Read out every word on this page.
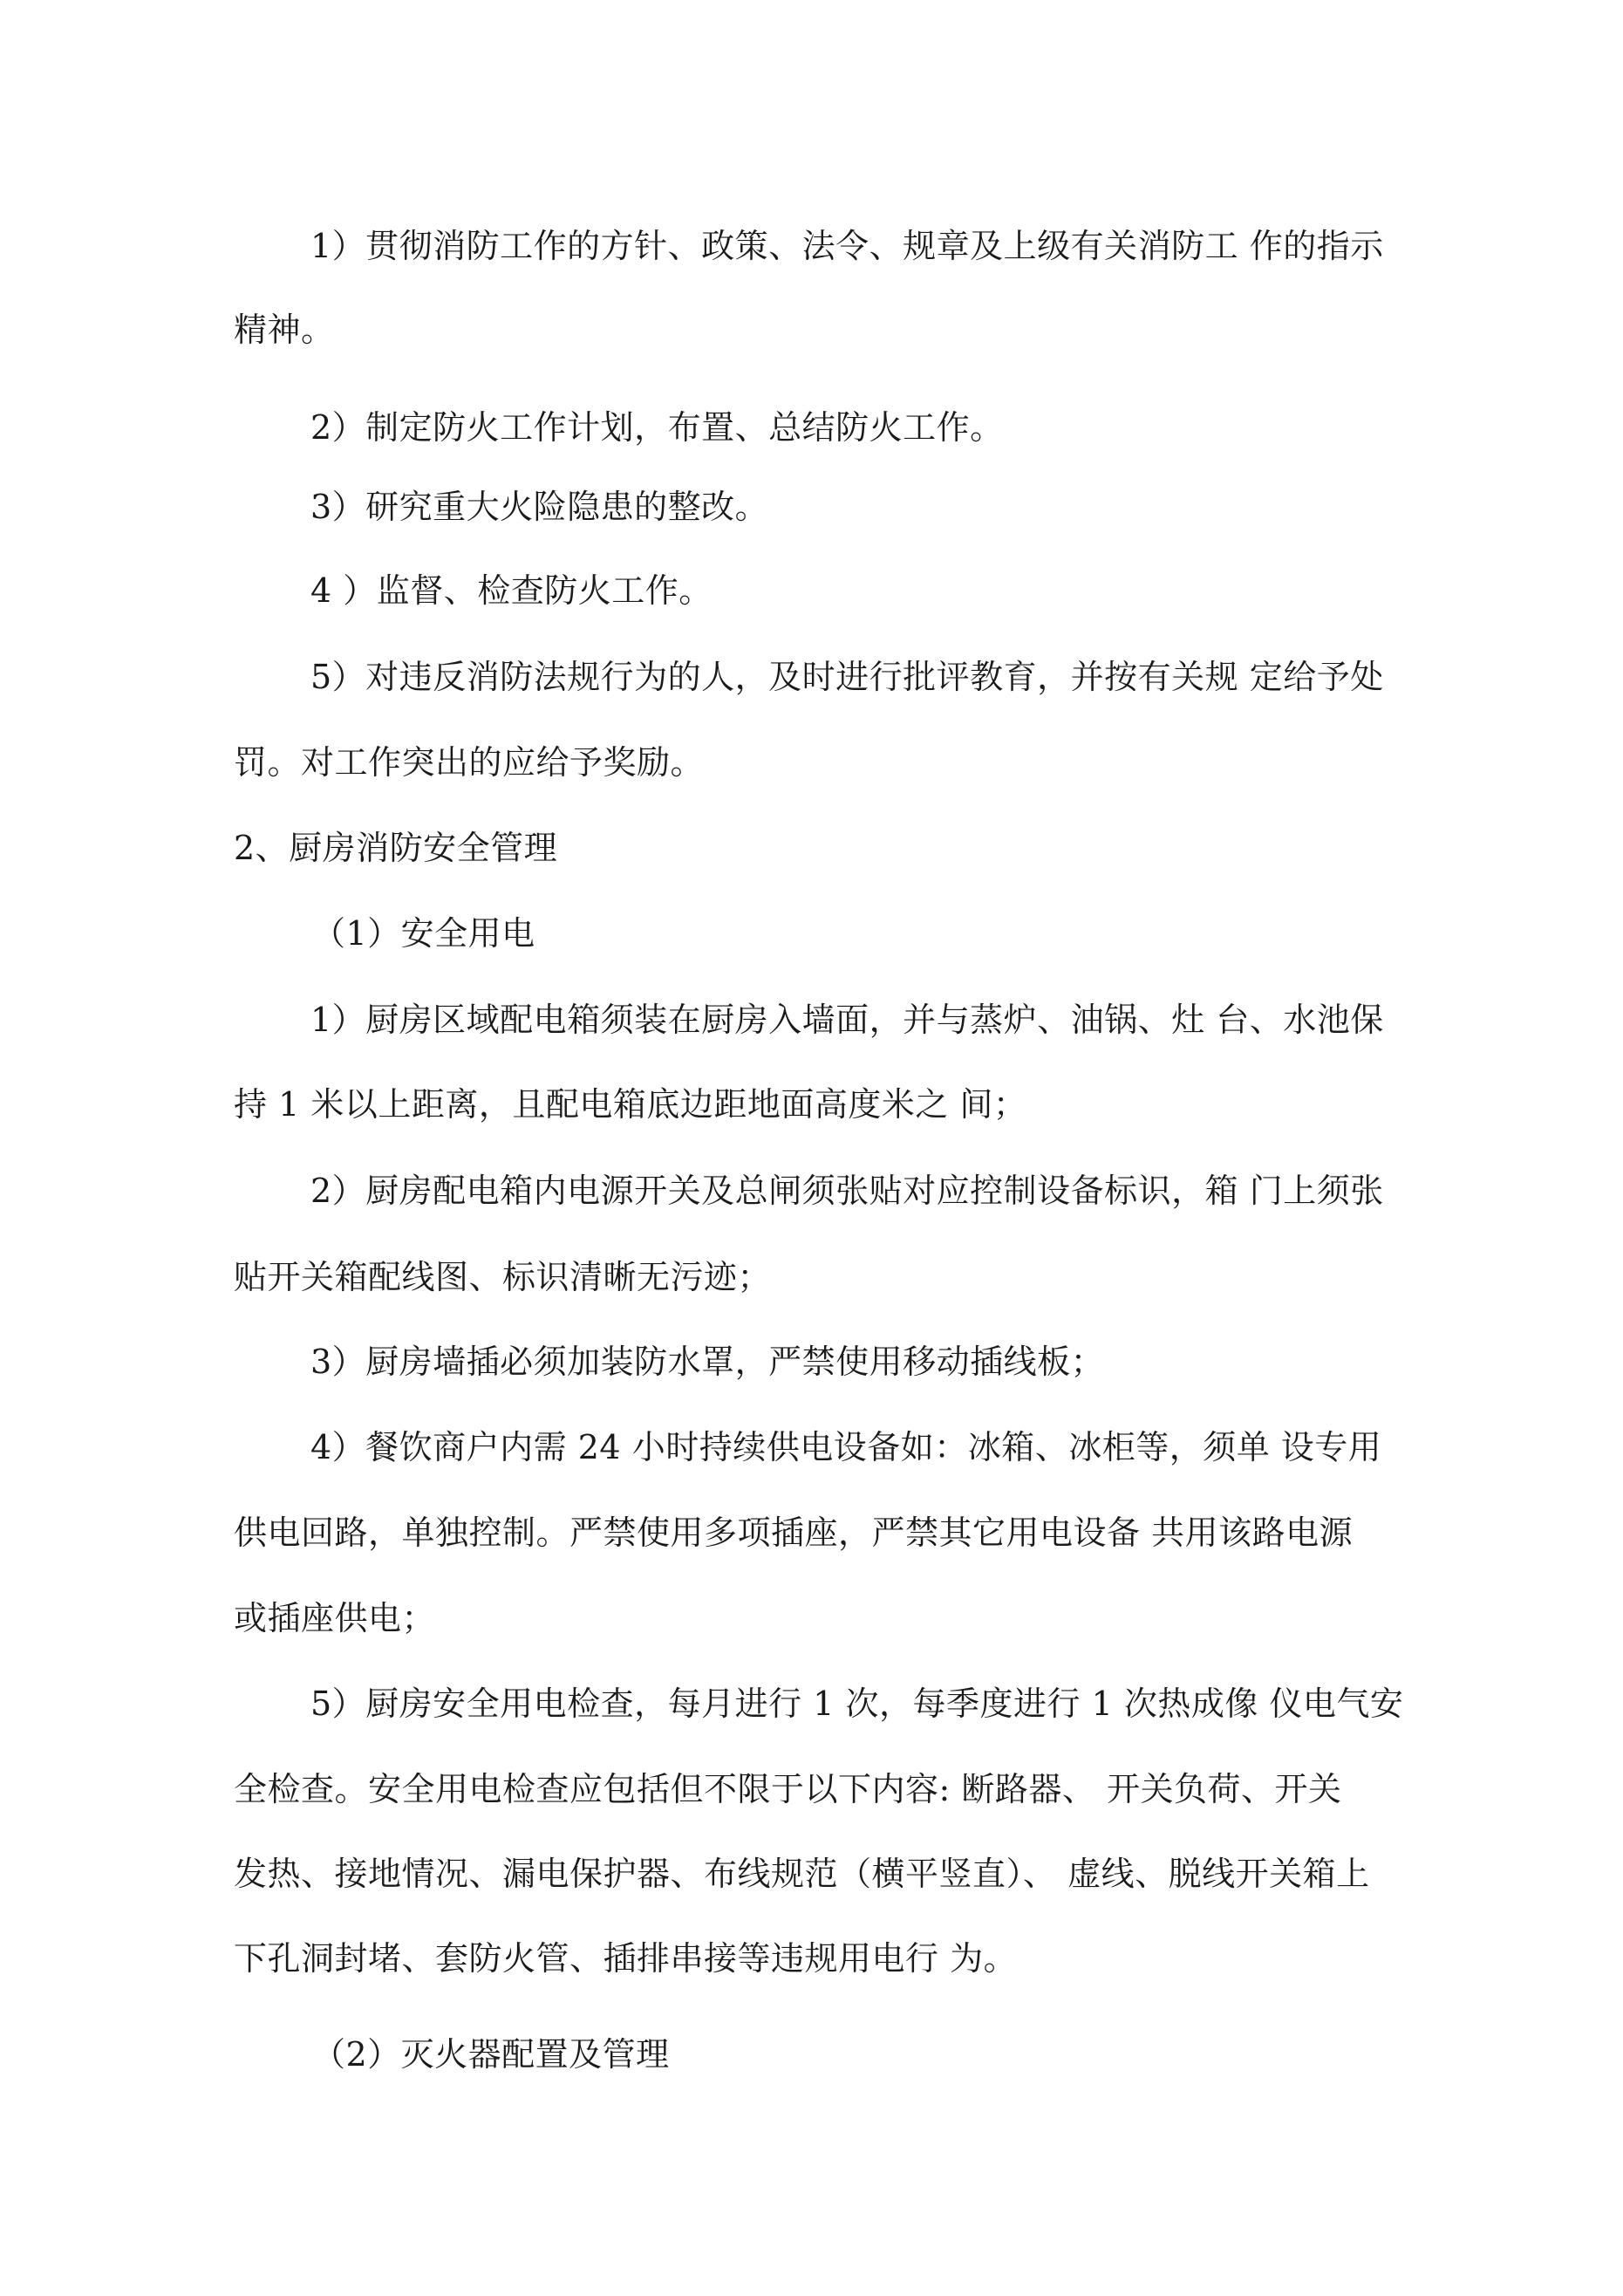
1）贯彻消防工作的方针、政策、法令、规章及上级有关消防工 作的指示
精神。
2）制定防火工作计划，布置、总结防火工作。
3）研究重大火险隐患的整改。
4 ）监督、检查防火工作。
5）对违反消防法规行为的人，及时进行批评教育，并按有关规 定给予处
罚。对工作突出的应给予奖励。
2、厨房消防安全管理
（1）安全用电
1）厨房区域配电箱须装在厨房入墙面，并与蒸炉、油锅、灶 台、水池保
持 1 米以上距离，且配电箱底边距地面高度米之 间；
2）厨房配电箱内电源开关及总闸须张贴对应控制设备标识，箱 门上须张
贴开关箱配线图、标识清晰无污迹；
3）厨房墙插必须加装防水罩，严禁使用移动插线板；
4）餐饮商户内需 24 小时持续供电设备如：冰箱、冰柜等，须单 设专用
供电回路，单独控制。严禁使用多项插座，严禁其它用电设备 共用该路电源
或插座供电；
5）厨房安全用电检查，每月进行 1 次，每季度进行 1 次热成像 仪电气安
全检查。安全用电检查应包括但不限于以下内容: 断路器、 开关负荷、开关
发热、接地情况、漏电保护器、布线规范（横平竖直）、 虚线、脱线开关箱上
下孔洞封堵、套防火管、插排串接等违规用电行 为。
（2）灭火器配置及管理
